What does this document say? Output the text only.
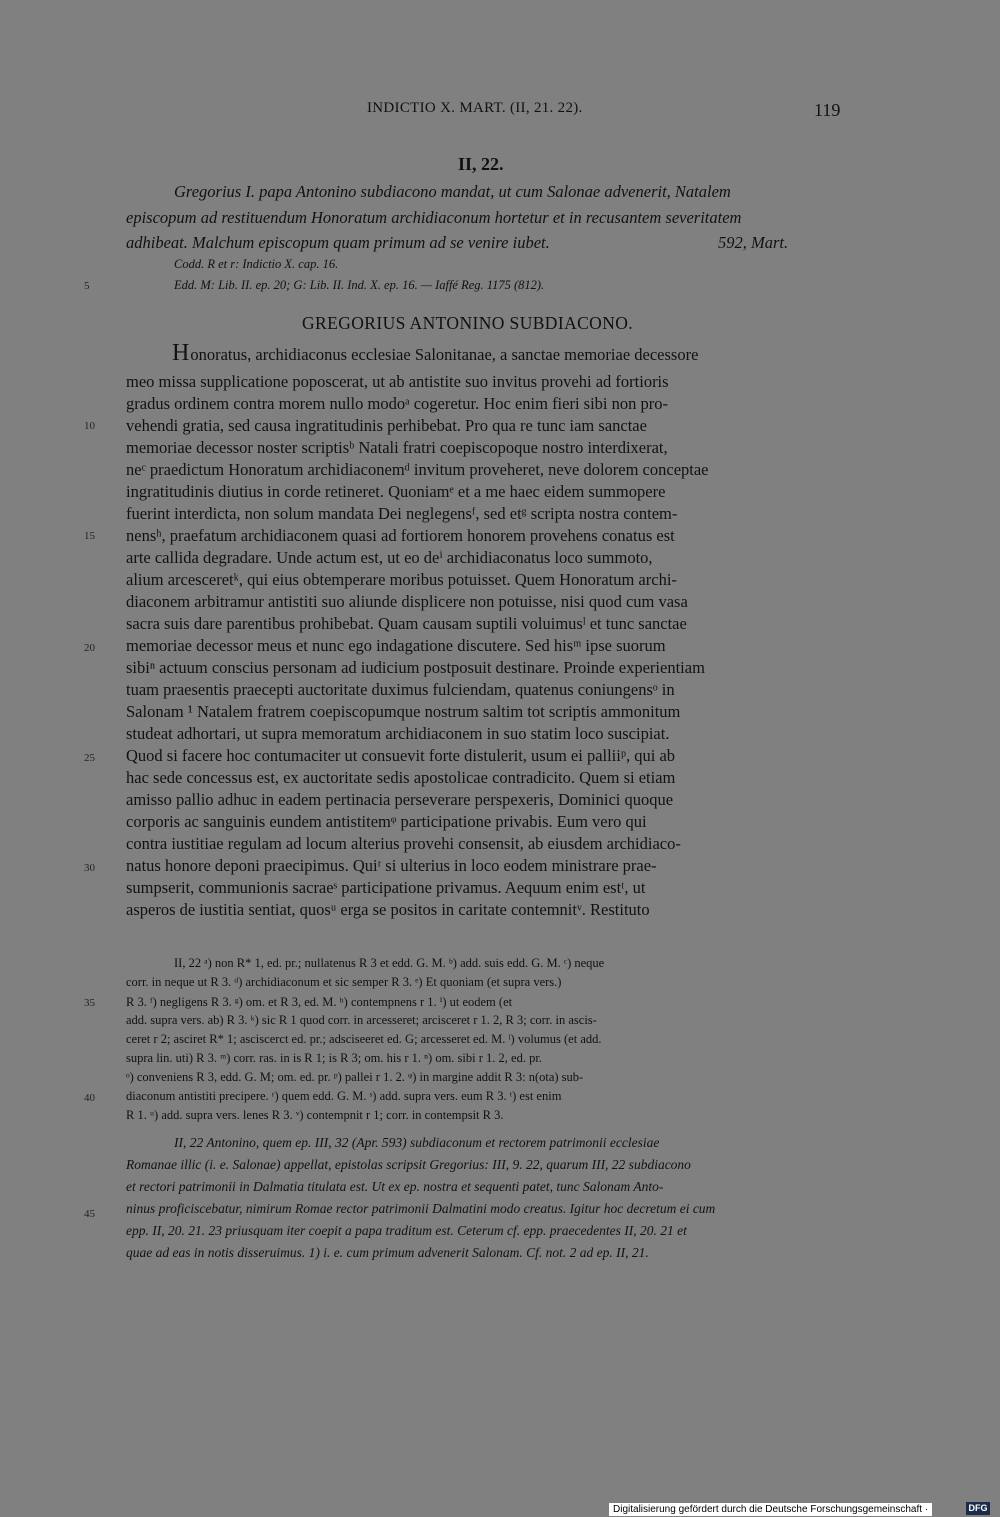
INDICTIO X. MART. (II, 21. 22).	119
II, 22.
Gregorius I. papa Antonino subdiacono mandat, ut cum Salonae advenerit, Natalem
episcopum ad restituendum Honoratum archidiaconum hortetur et in recusantem severitatem
adhibeat. Malchum episcopum quam primum ad se venire iubet.	592, Mart.
Codd. R et r: Indictio X. cap. 16.
Edd. M: Lib. II. ep. 20; G: Lib. II. Ind. X. ep. 16. — Iaffé Reg. 1175 (812).
GREGORIUS ANTONINO SUBDIACONO.
Honoratus, archidiaconus ecclesiae Salonitanae, a sanctae memoriae decessore
meo missa supplicatione poposcerat, ut ab antistite suo invitus provehi ad fortioris
gradus ordinem contra morem nullo modoᵃ cogeretur. Hoc enim fieri sibi non pro-
vehendi gratia, sed causa ingratitudinis perhibebat. Pro qua re tunc iam sanctae
memoriae decessor noster scriptisᵇ Natali fratri coepiscopoque nostro interdixerat,
neᶜ praedictum Honoratum archidiaconemᵈ invitum proveheret, neve dolorem conceptae
ingratitudinis diutius in corde retineret. Quoniamᵉ et a me haec eidem summopere
fuerint interdicta, non solum mandata Dei neglegensᶠ, sed etᵍ scripta nostra contem-
nensʰ, praefatum archidiaconem quasi ad fortiorem honorem provehens conatus est
arte callida degradare. Unde actum est, ut eo deⁱ archidiaconatus loco summoto,
alium arcesceretᵏ, qui eius obtemperare moribus potuisset. Quem Honoratum archi-
diaconem arbitramur antistiti suo aliunde displicere non potuisse, nisi quod cum vasa
sacra suis dare parentibus prohibebat. Quam causam suptili voluimusˡ et tunc sanctae
memoriae decessor meus et nunc ego indagatione discutere. Sed hisᵐ ipse suorum
sibiⁿ actuum conscius personam ad iudicium postposuit destinare. Proinde experientiam
tuam praesentis praecepti auctoritate duximus fulciendam, quatenus coniungensᵒ in
Salonam ¹ Natalem fratrem coepiscopumque nostrum saltim tot scriptis ammonitum
studeat adhortari, ut supra memoratum archidiaconem in suo statim loco suscipiat.
Quod si facere hoc contumaciter ut consuevit forte distulerit, usum ei palliiᵖ, qui ab
hac sede concessus est, ex auctoritate sedis apostolicae contradicito. Quem si etiam
amisso pallio adhuc in eadem pertinacia perseverare perspexeris, Dominici quoque
corporis ac sanguinis eundem antistitemᵠ participatione privabis. Eum vero qui
contra iustitiae regulam ad locum alterius provehi consensit, ab eiusdem archidiaco-
natus honore deponi praecipimus. Quiʳ si ulterius in loco eodem ministrare prae-
sumpserit, communionis sacraeˢ participatione privamus. Aequum enim estᵗ, ut
asperos de iustitia sentiat, quosᵘ erga se positos in caritate contemnitᵛ. Restituto
5
10
15
20
25
30
35
40
45
II, 22 ᵃ) non R* 1, ed. pr.; nullatenus R 3 et edd. G. M. ᵇ) add. suis edd. G. M. ᶜ) neque
corr. in neque ut R 3. ᵈ) archidiaconum et sic semper R 3. ᵉ) Et quoniam (et supra vers.)
R 3. ᶠ) negligens R 3. ᵍ) om. et R 3, ed. M. ʰ) contempnens r 1. ⁱ) ut eodem (et
add. supra vers. ab) R 3. ᵏ) sic R 1 quod corr. in arcesseret; arcisceret r 1. 2, R 3; corr. in ascis-
ceret r 2; asciret R* 1; asciscerct ed. pr.; adsciseeret ed. G; arcesseret ed. M. ˡ) volumus (et add.
supra lin. uti) R 3. ᵐ) corr. ras. in is R 1; is R 3; om. his r 1. ⁿ) om. sibi r 1. 2, ed. pr.
ᵒ) conveniens R 3, edd. G. M; om. ed. pr. ᵖ) pallei r 1. 2. ᵠ) in margine addit R 3: n(ota) sub-
diaconum antistiti precipere. ʳ) quem edd. G. M. ˢ) add. supra vers. eum R 3. ᵗ) est enim
R 1. ᵘ) add. supra vers. lenes R 3. ᵛ) contempnit r 1; corr. in contempsit R 3.
II, 22 Antonino, quem ep. III, 32 (Apr. 593) subdiaconum et rectorem patrimonii ecclesiae
Romanae illic (i. e. Salonae) appellat, epistolas scripsit Gregorius: III, 9. 22, quarum III, 22 subdiacono
et rectori patrimonii in Dalmatia titulata est. Ut ex ep. nostra et sequenti patet, tunc Salonam Anto-
ninus proficiscebatur, nimirum Romae rector patrimonii Dalmatini modo creatus. Igitur hoc decretum ei cum
epp. II, 20. 21. 23 priusquam iter coepit a papa traditum est. Ceterum cf. epp. praecedentes II, 20. 21 et
quae ad eas in notis disseruimus. 1) i. e. cum primum advenerit Salonam. Cf. not. 2 ad ep. II, 21.
Digitalisierung gefördert durch die Deutsche Forschungsgemeinschaft ·	DFG
